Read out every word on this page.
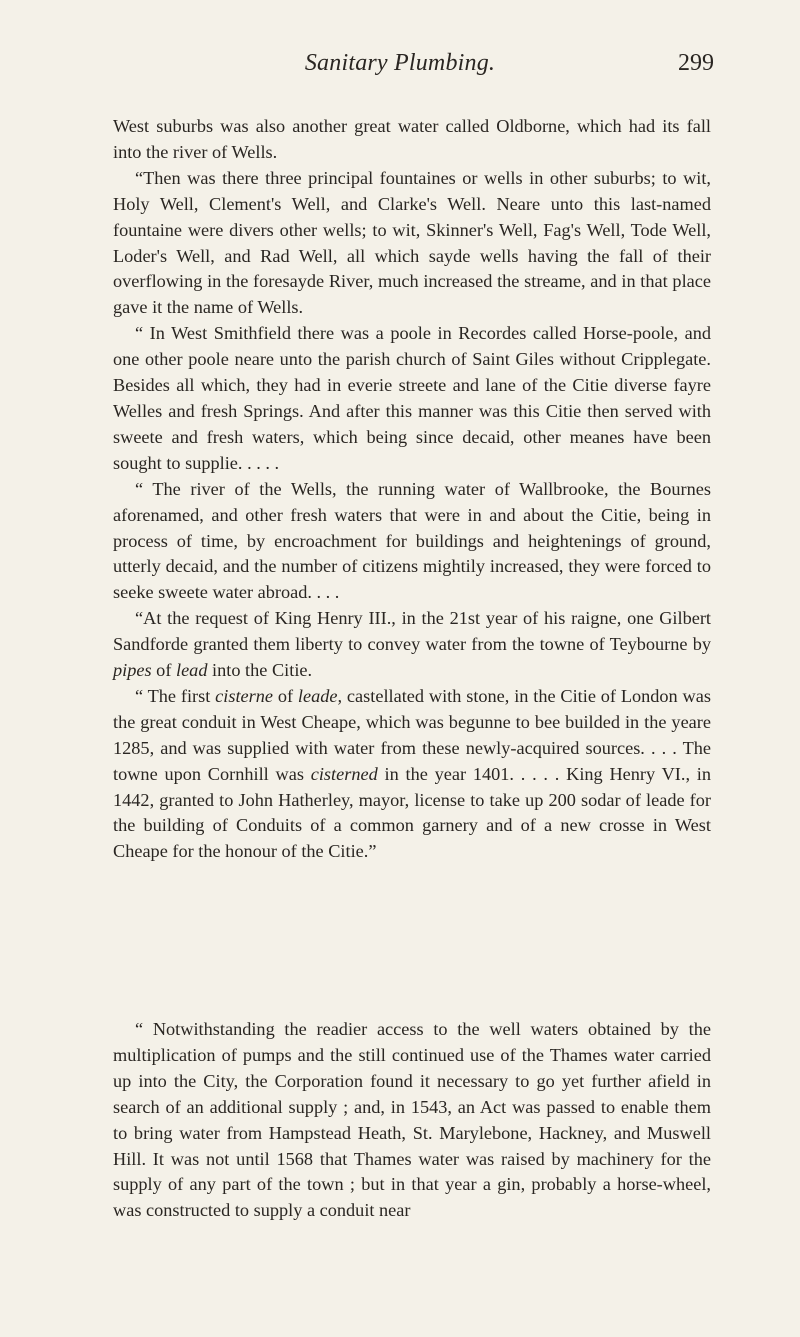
Sanitary Plumbing.	299

West suburbs was also another great water called Oldborne, which had its fall into the river of Wells.

“Then was there three principal fountaines or wells in other suburbs; to wit, Holy Well, Clement's Well, and Clarke's Well. Neare unto this last-named fountaine were divers other wells; to wit, Skinner's Well, Fag's Well, Tode Well, Loder's Well, and Rad Well, all which sayde wells having the fall of their overflowing in the foresayde River, much increased the streame, and in that place gave it the name of Wells.

“ In West Smithfield there was a poole in Recordes called Horse-poole, and one other poole neare unto the parish church of Saint Giles without Cripplegate. Besides all which, they had in everie streete and lane of the Citie diverse fayre Welles and fresh Springs. And after this manner was this Citie then served with sweete and fresh waters, which being since decaid, other meanes have been sought to supplie. . . . .

“ The river of the Wells, the running water of Wallbrooke, the Bournes aforenamed, and other fresh waters that were in and about the Citie, being in process of time, by encroachment for buildings and heightenings of ground, utterly decaid, and the number of citizens mightily increased, they were forced to seeke sweete water abroad. . . .

“At the request of King Henry III., in the 21st year of his raigne, one Gilbert Sandforde granted them liberty to convey water from the towne of Teybourne by pipes of lead into the Citie.

“ The first cisterne of leade, castellated with stone, in the Citie of London was the great conduit in West Cheape, which was begunne to bee builded in the yeare 1285, and was supplied with water from these newly-acquired sources. . . . The towne upon Cornhill was cisterned in the year 1401. . . . . King Henry VI., in 1442, granted to John Hatherley, mayor, license to take up 200 sodar of leade for the building of Conduits of a common garnery and of a new crosse in West Cheape for the honour of the Citie.”

“ Notwithstanding the readier access to the well waters obtained by the multiplication of pumps and the still continued use of the Thames water carried up into the City, the Corporation found it necessary to go yet further afield in search of an additional supply ; and, in 1543, an Act was passed to enable them to bring water from Hampstead Heath, St. Marylebone, Hackney, and Muswell Hill. It was not until 1568 that Thames water was raised by machinery for the supply of any part of the town ; but in that year a gin, probably a horse-wheel, was constructed to supply a conduit near
